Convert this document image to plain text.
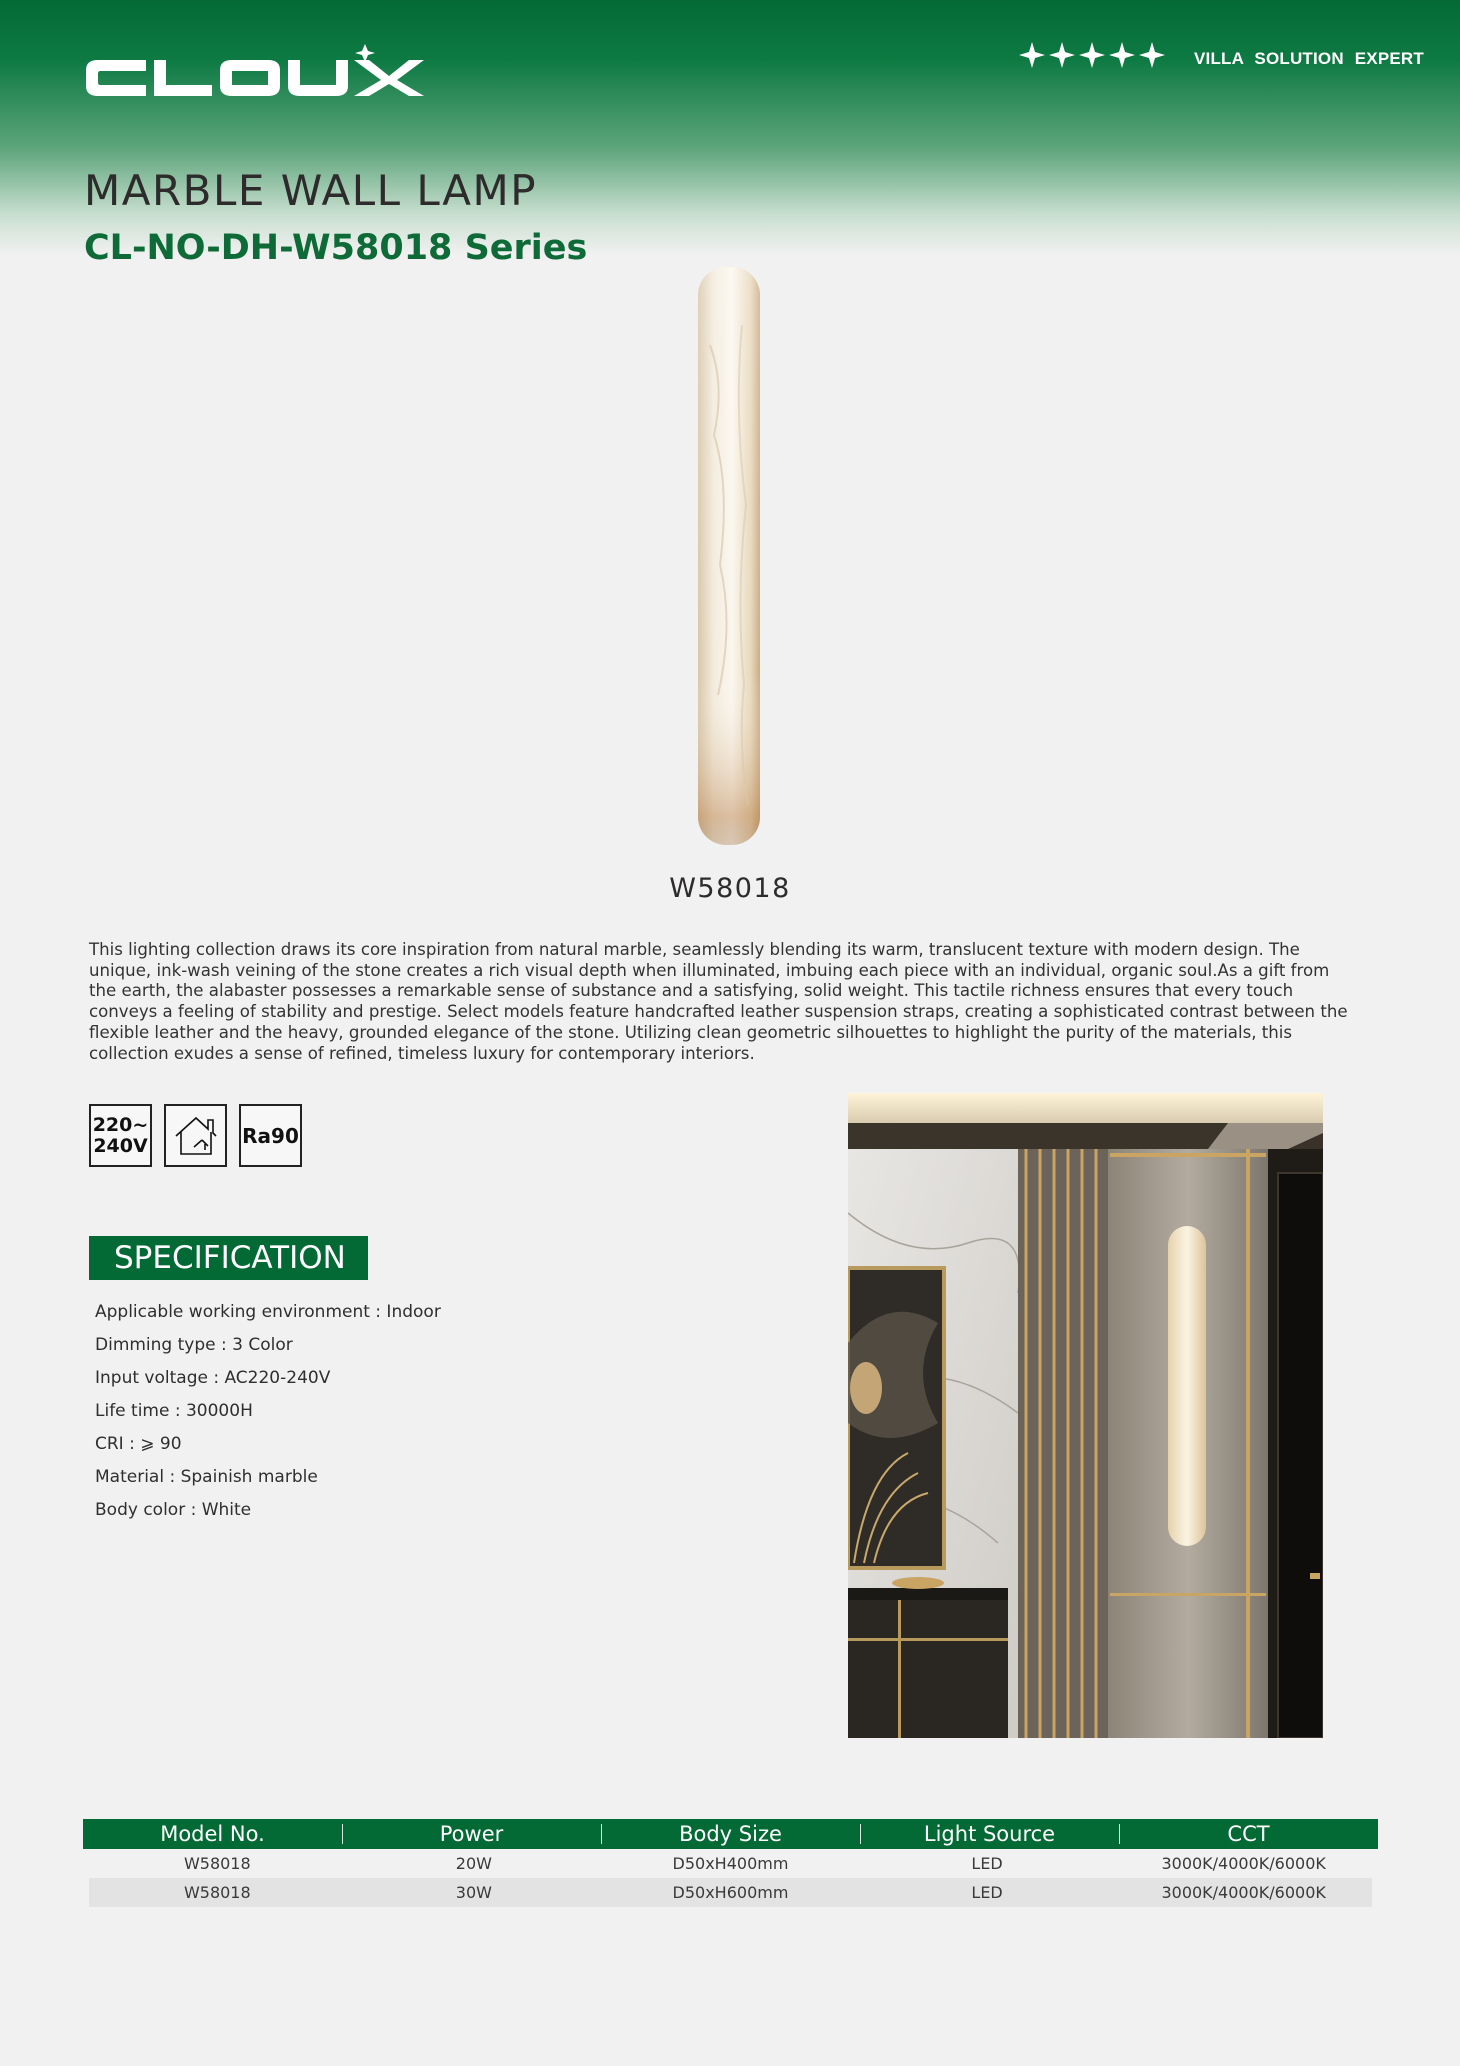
VILLA SOLUTION EXPERT
MARBLE WALL LAMP
CL-NO-DH-W58018 Series
W58018

This lighting collection draws its core inspiration from natural marble, seamlessly blending its warm, translucent texture with modern design. The unique, ink-wash veining of the stone creates a rich visual depth when illuminated, imbuing each piece with an individual, organic soul.As a gift from the earth, the alabaster possesses a remarkable sense of substance and a satisfying, solid weight. This tactile richness ensures that every touch conveys a feeling of stability and prestige. Select models feature handcrafted leather suspension straps, creating a sophisticated contrast between the flexible leather and the heavy, grounded elegance of the stone. Utilizing clean geometric silhouettes to highlight the purity of the materials, this collection exudes a sense of refined, timeless luxury for contemporary interiors.

220~
240V	Ra90
SPECIFICATION
Applicable working environment : Indoor
Dimming type : 3 Color
Input voltage : AC220-240V
Life time : 30000H
CRI : ⩾ 90
Material : Spainish marble
Body color : White
Model No.	Power	Body Size	Light Source	CCT
W58018	20W	D50xH400mm	LED	3000K/4000K/6000K
W58018	30W	D50xH600mm	LED	3000K/4000K/6000K
